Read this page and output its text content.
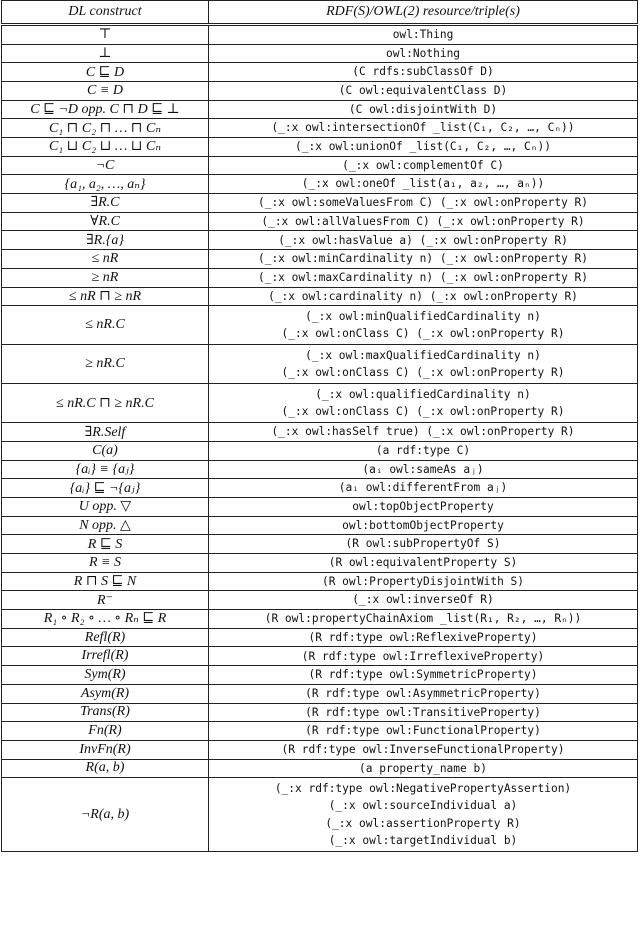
DL construct	RDF(S)/OWL(2) resource/triple(s)
⊤	owl:Thing

⊥	owl:Nothing

C ⊑ D	(C rdfs:subClassOf D)

C ≡ D	(C owl:equivalentClass D)

C ⊑ ¬D opp. C ⊓ D ⊑ ⊥	(C owl:disjointWith D)

C₁ ⊓ C₂ ⊓ … ⊓ Cₙ	(_:x owl:intersectionOf _list(C₁, C₂, …, Cₙ))

C₁ ⊔ C₂ ⊔ … ⊔ Cₙ	(_:x owl:unionOf _list(C₁, C₂, …, Cₙ))

¬C	(_:x owl:complementOf C)

{a₁, a₂, …, aₙ}	(_:x owl:oneOf _list(a₁, a₂, …, aₙ))

∃R.C	(_:x owl:someValuesFrom C) (_:x owl:onProperty R)

∀R.C	(_:x owl:allValuesFrom C) (_:x owl:onProperty R)

∃R.{a}	(_:x owl:hasValue a) (_:x owl:onProperty R)

≤ nR	(_:x owl:minCardinality n) (_:x owl:onProperty R)

≥ nR	(_:x owl:maxCardinality n) (_:x owl:onProperty R)

≤ nR ⊓ ≥ nR	(_:x owl:cardinality n) (_:x owl:onProperty R)

≤ nR.C	(_:x owl:minQualifiedCardinality n)
(_:x owl:onClass C) (_:x owl:onProperty R)

≥ nR.C	(_:x owl:maxQualifiedCardinality n)
(_:x owl:onClass C) (_:x owl:onProperty R)

≤ nR.C ⊓ ≥ nR.C	(_:x owl:qualifiedCardinality n)
(_:x owl:onClass C) (_:x owl:onProperty R)

∃R.Self	(_:x owl:hasSelf true) (_:x owl:onProperty R)

C(a)	(a rdf:type C)

{aᵢ} ≡ {aⱼ}	(aᵢ owl:sameAs aⱼ)

{aᵢ} ⊑ ¬{aⱼ}	(aᵢ owl:differentFrom aⱼ)

U opp. ▽	owl:topObjectProperty

N opp. △	owl:bottomObjectProperty

R ⊑ S	(R owl:subPropertyOf S)

R ≡ S	(R owl:equivalentProperty S)

R ⊓ S ⊑ N	(R owl:PropertyDisjointWith S)

R⁻	(_:x owl:inverseOf R)

R₁ ∘ R₂ ∘ … ∘ Rₙ ⊑ R	(R owl:propertyChainAxiom _list(R₁, R₂, …, Rₙ))

Refl(R)	(R rdf:type owl:ReflexiveProperty)

Irrefl(R)	(R rdf:type owl:IrreflexiveProperty)

Sym(R)	(R rdf:type owl:SymmetricProperty)

Asym(R)	(R rdf:type owl:AsymmetricProperty)

Trans(R)	(R rdf:type owl:TransitiveProperty)

Fn(R)	(R rdf:type owl:FunctionalProperty)

InvFn(R)	(R rdf:type owl:InverseFunctionalProperty)

R(a, b)	(a property_name b)

¬R(a, b)	(_:x rdf:type owl:NegativePropertyAssertion)
(_:x owl:sourceIndividual a)
(_:x owl:assertionProperty R)
(_:x owl:targetIndividual b)
